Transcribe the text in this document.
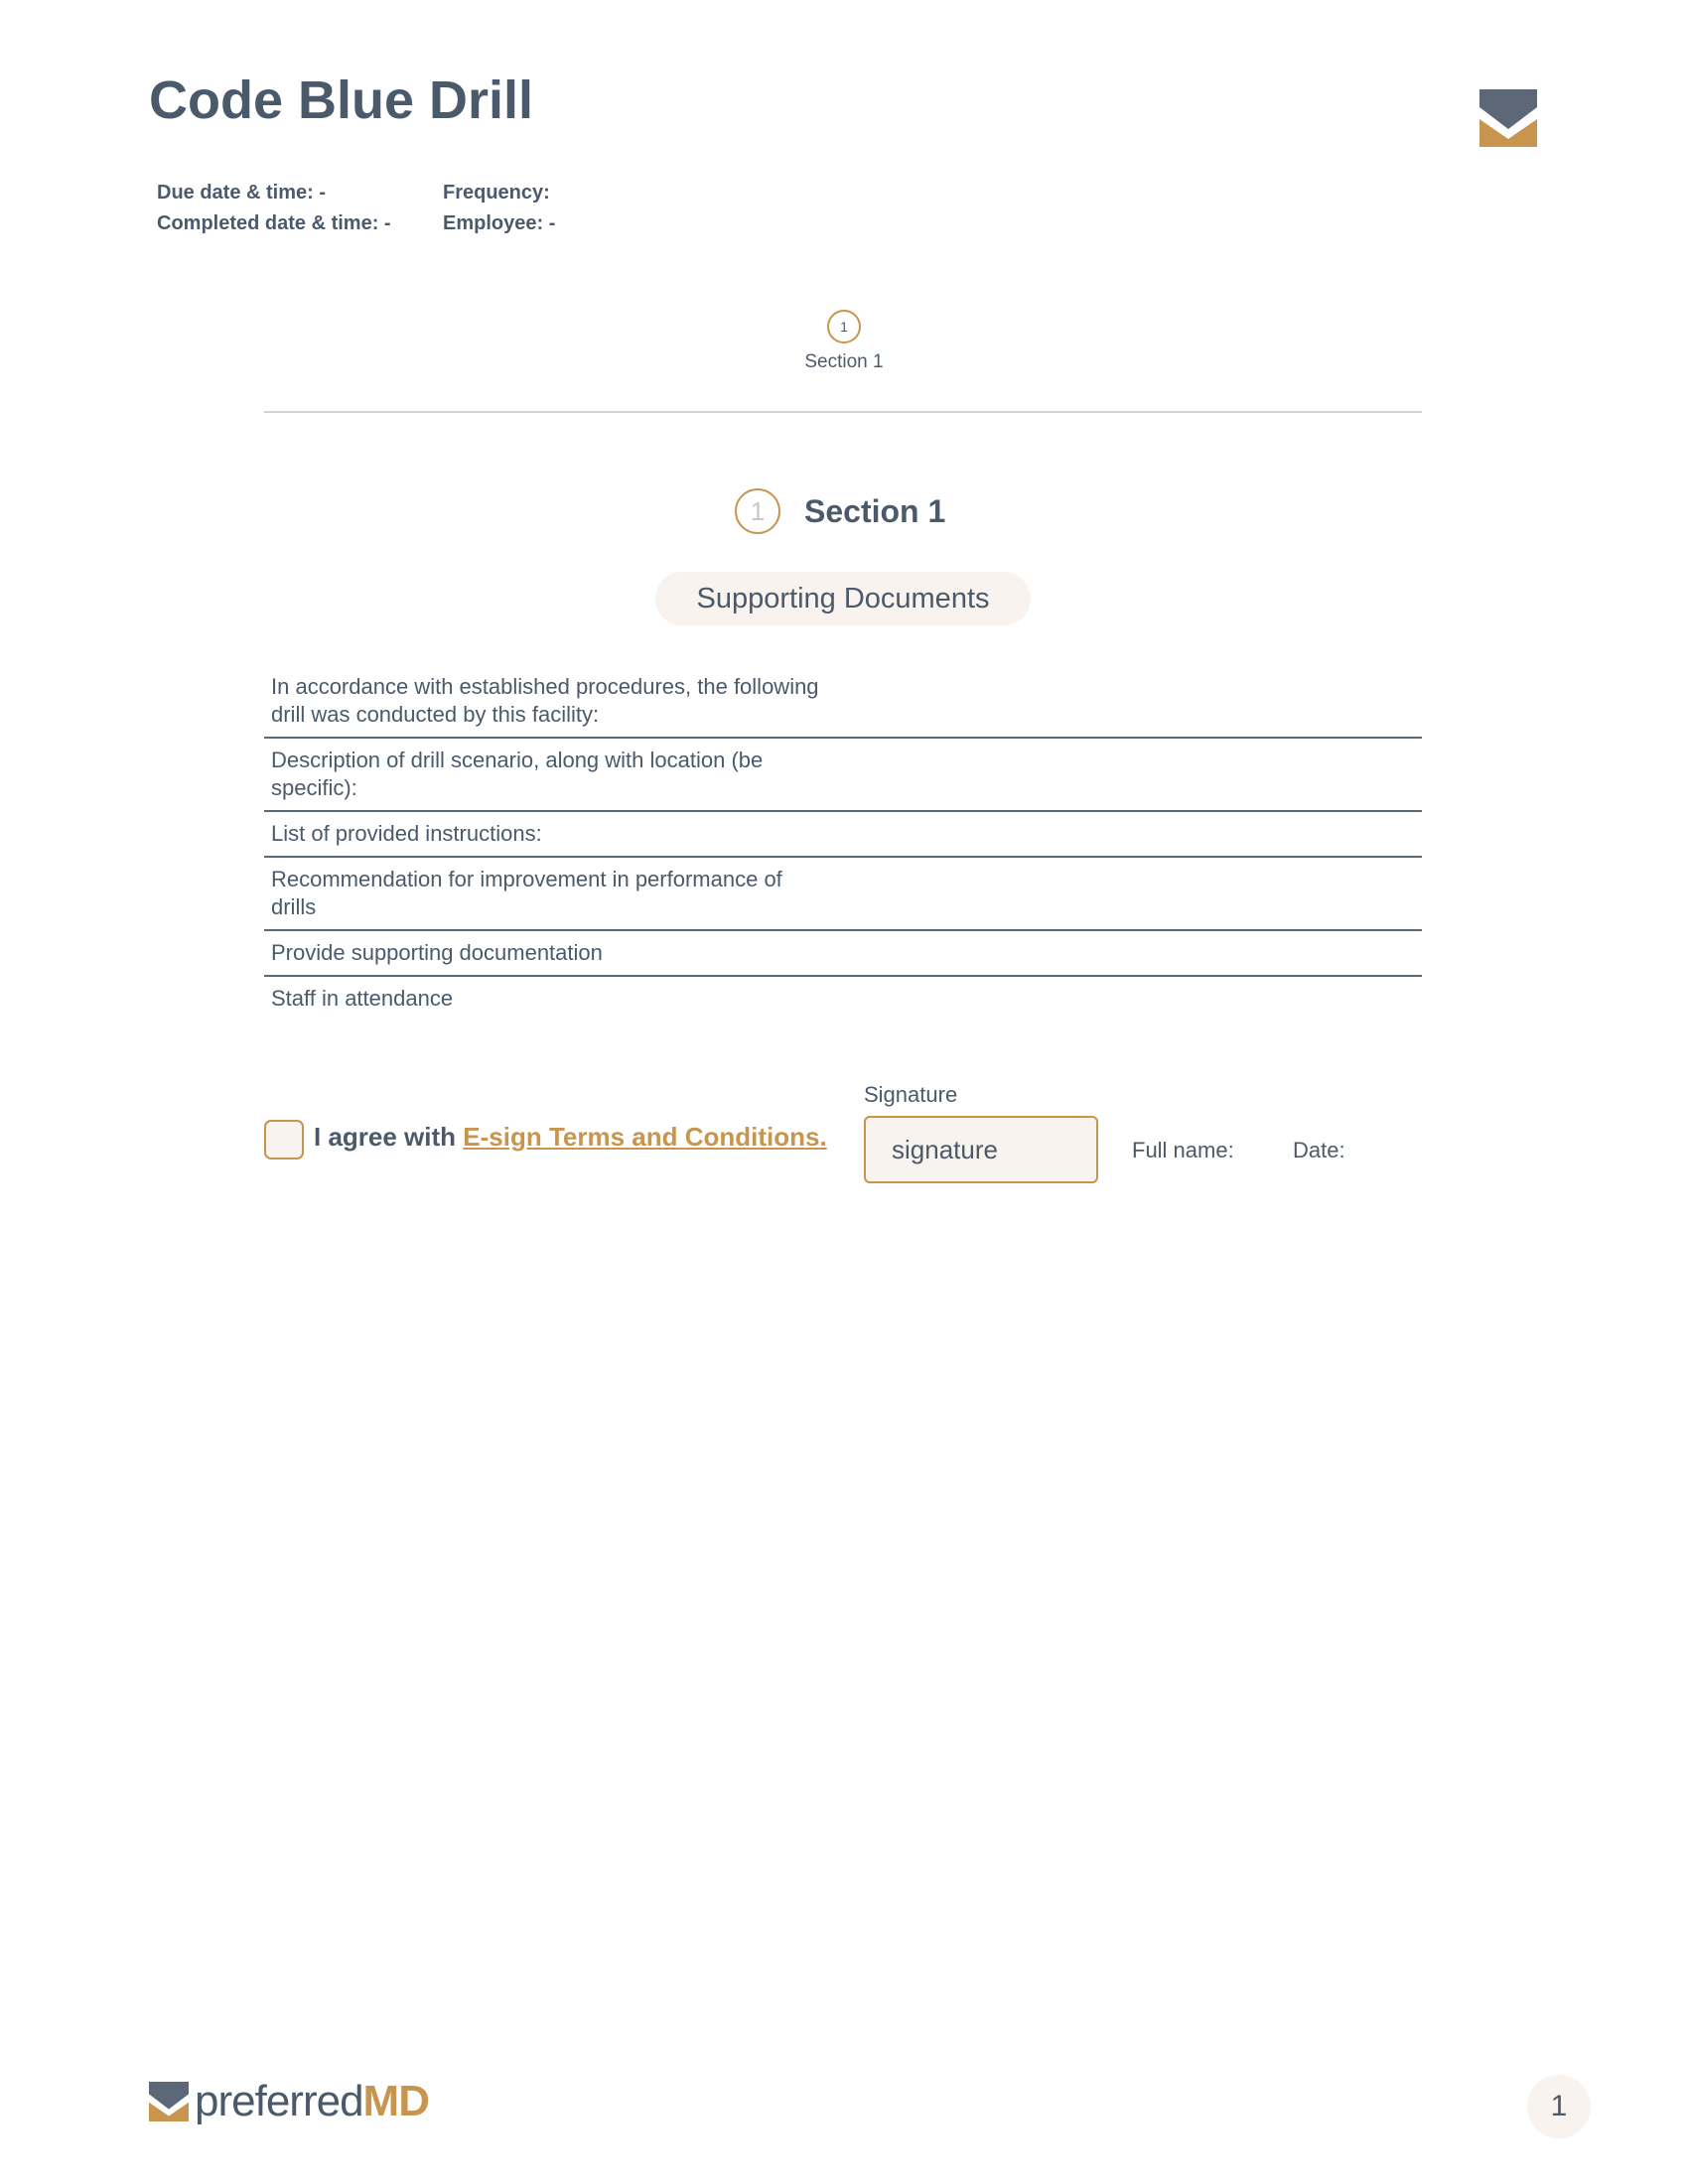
Code Blue Drill
Due date & time: -
Completed date & time: -
Frequency:
Employee: -
1
Section 1
1	Section 1
Supporting Documents
In accordance with established procedures, the following drill was conducted by this facility:
Description of drill scenario, along with location (be specific):
List of provided instructions:
Recommendation for improvement in performance of drills
Provide supporting documentation
Staff in attendance
I agree with E-sign Terms and Conditions.
Signature
signature	Full name:	Date:
preferredMD	1
